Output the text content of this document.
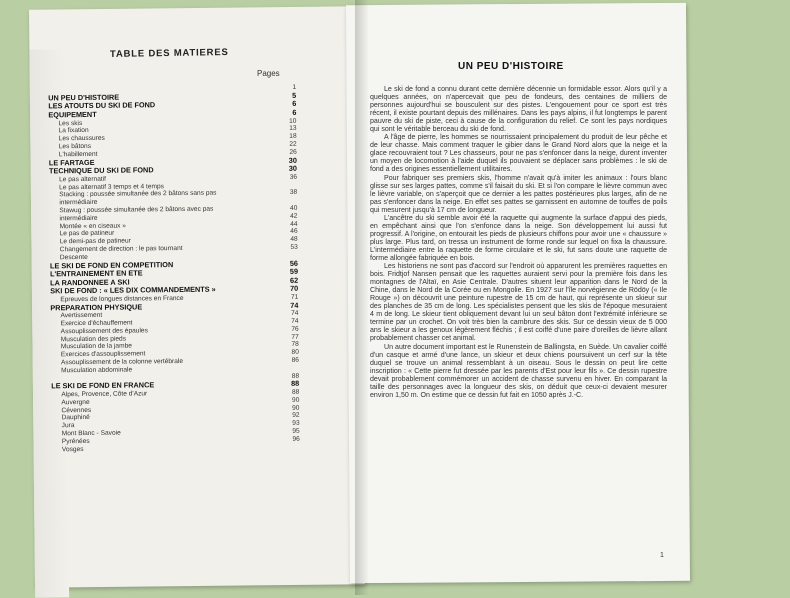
TABLE DES MATIERES
Pages
1
UN PEU D'HISTOIRE	5
LES ATOUTS DU SKI DE FOND	6
EQUIPEMENT	6
Les skis	10
La fixation	13
Les chaussures	18
Les bâtons	22
L'habillement	26
LE FARTAGE	30
TECHNIQUE DU SKI DE FOND	30
Le pas alternatif	36
Le pas alternatif 3 temps et 4 temps
Stacking : poussée simultanée des 2 bâtons sans pas	38
intermédiaire
Stawug : poussée simultanée des 2 bâtons avec pas	40
intermédiaire	42
Montée « en ciseaux »	44
Le pas de patineur	46
Le demi-pas de patineur	48
Changement de direction : le pas tournant	53
Descente
LE SKI DE FOND EN COMPETITION	56
L'ENTRAINEMENT EN ETE	59
LA RANDONNEE A SKI	62
SKI DE FOND : « LES DIX COMMANDEMENTS »	70
Epreuves de longues distances en France	71
PREPARATION PHYSIQUE	74
Avertissement	74
Exercice d'échauffement	74
Assouplissement des épaules	76
Musculation des pieds	77
Musculation de la jambe	78
Exercices d'assouplissement	80
Assouplissement de la colonne vertébrale	86
Musculation abdominale
88
LE SKI DE FOND EN FRANCE	88
Alpes, Provence, Côte d'Azur	88
Auvergne	90
Cévennes	90
Dauphiné	92
Jura	93
Mont Blanc - Savoie	95
Pyrénées	96
Vosges
UN PEU D'HISTOIRE

Le ski de fond a connu durant cette dernière décennie un formidable essor. Alors qu'il y a quelques années, on n'apercevait que peu de fondeurs, des centaines de milliers de personnes aujourd'hui se bousculent sur des pistes. L'engouement pour ce sport est très récent, il existe pourtant depuis des millénaires. Dans les pays alpins, il fut longtemps le parent pauvre du ski de piste, ceci à cause de la configuration du relief. Ce sont les pays nordiques qui sont le véritable berceau du ski de fond.

A l'âge de pierre, les hommes se nourrissaient principalement du produit de leur pêche et de leur chasse. Mais comment traquer le gibier dans le Grand Nord alors que la neige et la glace recouvraient tout ? Les chasseurs, pour ne pas s'enfoncer dans la neige, durent inventer un moyen de locomotion à l'aide duquel ils pouvaient se déplacer sans problèmes : le ski de fond a des origines essentiellement utilitaires.

Pour fabriquer ses premiers skis, l'homme n'avait qu'à imiter les animaux : l'ours blanc glisse sur ses larges pattes, comme s'il faisait du ski. Et si l'on compare le lièvre commun avec le lièvre variable, on s'aperçoit que ce dernier a les pattes postérieures plus larges, afin de ne pas s'enfoncer dans la neige. En effet ses pattes se garnissent en automne de touffes de poils qui mesurent jusqu'à 17 cm de longueur.

L'ancêtre du ski semble avoir été la raquette qui augmente la surface d'appui des pieds, en empêchant ainsi que l'on s'enfonce dans la neige. Son développement lui aussi fut progressif. A l'origine, on entourait les pieds de plusieurs chiffons pour avoir une « chaussure » plus large. Plus tard, on tressa un instrument de forme ronde sur lequel on fixa la chaussure. L'intermédiaire entre la raquette de forme circulaire et le ski, fut sans doute une raquette de forme allongée fabriquée en bois.

Les historiens ne sont pas d'accord sur l'endroit où apparurent les premières raquettes en bois. Fridtjof Nansen pensait que les raquettes auraient servi pour la première fois dans les montagnes de l'Altaï, en Asie Centrale. D'autres situent leur apparition dans le Nord de la Chine, dans le Nord de la Corée ou en Mongolie. En 1927 sur l'île norvégienne de Rödöy (« Ile Rouge ») on découvrit une peinture rupestre de 15 cm de haut, qui représente un skieur sur des planches de 35 cm de long. Les spécialistes pensent que les skis de l'époque mesuraient 4 m de long. Le skieur tient obliquement devant lui un seul bâton dont l'extrémité inférieure se termine par un crochet. On voit très bien la cambrure des skis. Sur ce dessin vieux de 5 000 ans le skieur a les genoux légèrement fléchis ; il est coiffé d'une paire d'oreilles de lièvre allant probablement chasser cet animal.

Un autre document important est le Runenstein de Ballingsta, en Suède. Un cavalier coiffé d'un casque et armé d'une lance, un skieur et deux chiens poursuivent un cerf sur la tête duquel se trouve un animal ressemblant à un oiseau. Sous le dessin on peut lire cette inscription : « Cette pierre fut dressée par les parents d'Est pour leur fils ». Ce dessin rupestre devait probablement commémorer un accident de chasse survenu en hiver. En comparant la taille des personnages avec la longueur des skis, on déduit que ceux-ci devaient mesurer environ 1,50 m. On estime que ce dessin fut fait en 1050 après J.-C.

1
